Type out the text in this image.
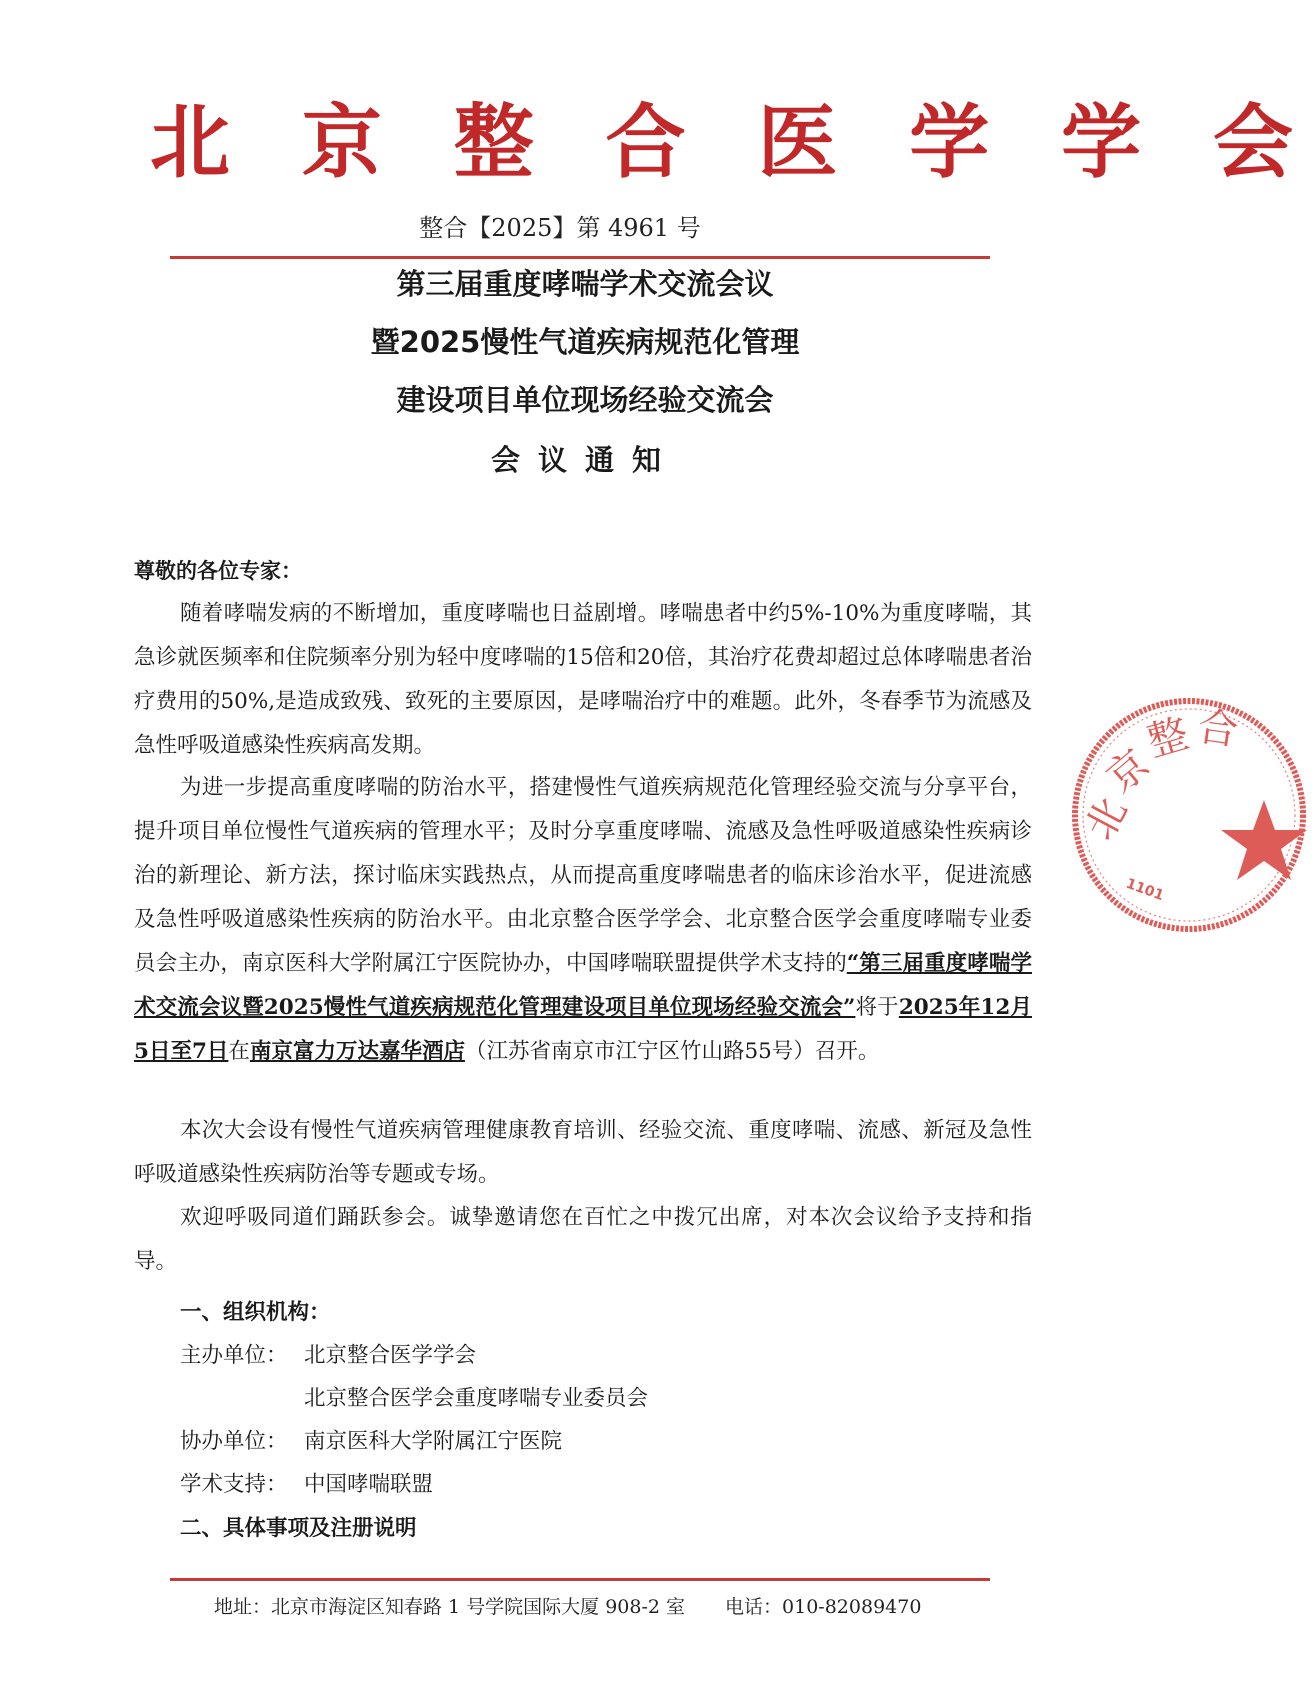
北 京 整 合 医 学 学 会
整合【2025】第 4961 号
第三届重度哮喘学术交流会议
暨2025慢性气道疾病规范化管理
建设项目单位现场经验交流会
会议通知
尊敬的各位专家：
随着哮喘发病的不断增加，重度哮喘也日益剧增。哮喘患者中约5%-10%为重度哮喘，其急诊就医频率和住院频率分别为轻中度哮喘的15倍和20倍，其治疗花费却超过总体哮喘患者治疗费用的50%,是造成致残、致死的主要原因，是哮喘治疗中的难题。此外，冬春季节为流感及急性呼吸道感染性疾病高发期。
为进一步提高重度哮喘的防治水平，搭建慢性气道疾病规范化管理经验交流与分享平台，提升项目单位慢性气道疾病的管理水平；及时分享重度哮喘、流感及急性呼吸道感染性疾病诊治的新理论、新方法，探讨临床实践热点，从而提高重度哮喘患者的临床诊治水平，促进流感及急性呼吸道感染性疾病的防治水平。由北京整合医学学会、北京整合医学会重度哮喘专业委员会主办，南京医科大学附属江宁医院协办，中国哮喘联盟提供学术支持的“第三届重度哮喘学术交流会议暨2025慢性气道疾病规范化管理建设项目单位现场经验交流会”将于2025年12月5日至7日在南京富力万达嘉华酒店（江苏省南京市江宁区竹山路55号）召开。
本次大会设有慢性气道疾病管理健康教育培训、经验交流、重度哮喘、流感、新冠及急性呼吸道感染性疾病防治等专题或专场。
欢迎呼吸同道们踊跃参会。诚挚邀请您在百忙之中拨冗出席，对本次会议给予支持和指导。
一、组织机构：
主办单位： 北京整合医学学会
北京整合医学会重度哮喘专业委员会
协办单位： 南京医科大学附属江宁医院
学术支持： 中国哮喘联盟
二、具体事项及注册说明
地址：北京市海淀区知春路 1 号学院国际大厦 908-2 室 电话：010-82089470
北
京
整 合
1101
